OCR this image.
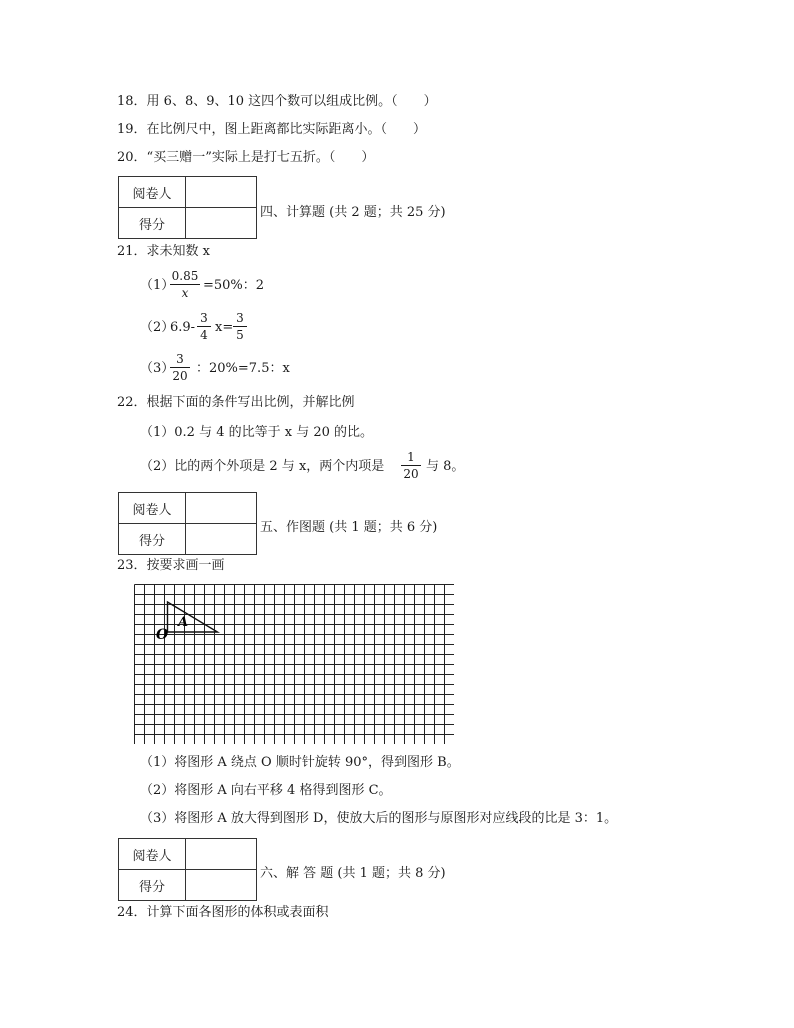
18．用 6、8、9、10 这四个数可以组成比例。（　　）
19．在比例尺中，图上距离都比实际距离小。（　　）
20．“买三赠一”实际上是打七五折。（　　）
阅卷人	
得分	
四、计算题 (共 2 题；共 25 分)
21．求未知数 x
（1）
0.85
x	=50%：2
（2）
6.9-
3
4 x=
3
5
（3）
3
20 ：20%=7.5：x
22．根据下面的条件写出比例，并解比例
（1）0.2 与 4 的比等于 x 与 20 的比。
（2）比的两个外项是 2 与 x，两个内项是
1
20 与 8。
阅卷人	
得分	
五、作图题 (共 1 题；共 6 分)
23．按要求画一画
A
O
（1）将图形 A 绕点 O 顺时针旋转 90°，得到图形 B。
（2）将图形 A 向右平移 4 格得到图形 C。
（3）将图形 A 放大得到图形 D，使放大后的图形与原图形对应线段的比是 3：1。
阅卷人	
得分	
六、解 答 题 (共 1 题；共 8 分)
24．计算下面各图形的体积或表面积
